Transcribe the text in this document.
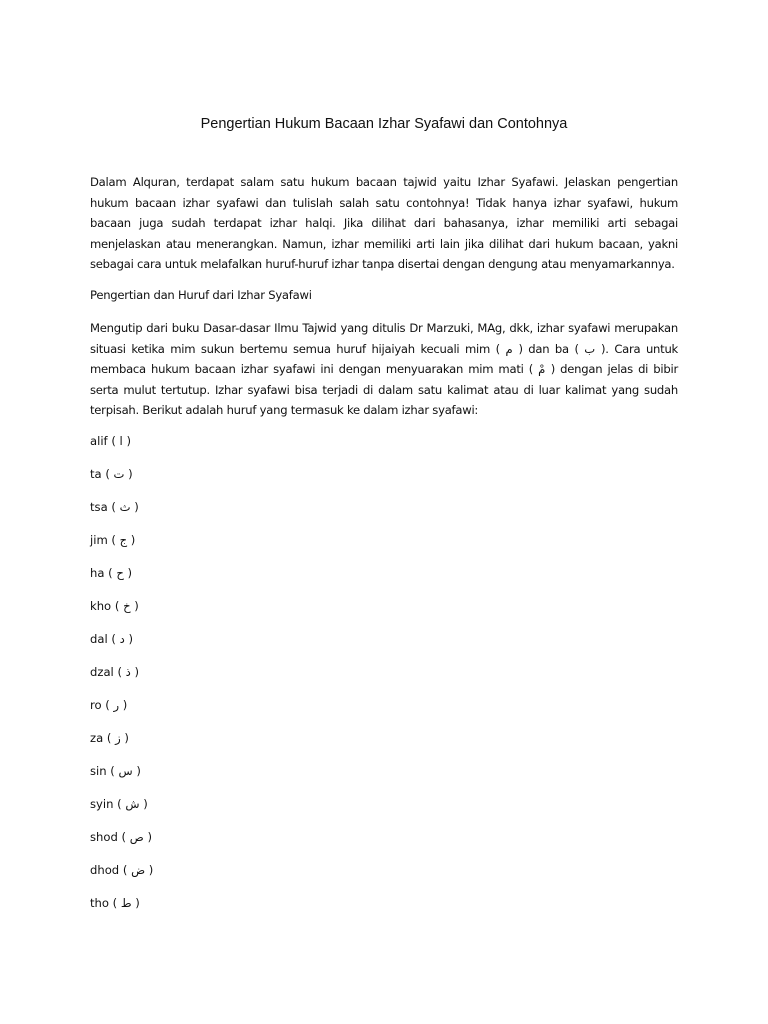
Pengertian Hukum Bacaan Izhar Syafawi dan Contohnya

Dalam Alquran, terdapat salam satu hukum bacaan tajwid yaitu Izhar Syafawi. Jelaskan pengertian hukum bacaan izhar syafawi dan tulislah salah satu contohnya! Tidak hanya izhar syafawi, hukum bacaan juga sudah terdapat izhar halqi. Jika dilihat dari bahasanya, izhar memiliki arti sebagai menjelaskan atau menerangkan. Namun, izhar memiliki arti lain jika dilihat dari hukum bacaan, yakni sebagai cara untuk melafalkan huruf-huruf izhar tanpa disertai dengan dengung atau menyamarkannya.

Pengertian dan Huruf dari Izhar Syafawi

Mengutip dari buku Dasar-dasar Ilmu Tajwid yang ditulis Dr Marzuki, MAg, dkk, izhar syafawi merupakan situasi ketika mim sukun bertemu semua huruf hijaiyah kecuali mim ( م ) dan ba ( ب ). Cara untuk membaca hukum bacaan izhar syafawi ini dengan menyuarakan mim mati ( مْ ) dengan jelas di bibir serta mulut tertutup. Izhar syafawi bisa terjadi di dalam satu kalimat atau di luar kalimat yang sudah terpisah. Berikut adalah huruf yang termasuk ke dalam izhar syafawi:

alif ( ا )
ta ( ت )
tsa ( ث )
jim ( ج )
ha ( ح )
kho ( خ )
dal ( د )
dzal ( ذ )
ro ( ر )
za ( ز )
sin ( س )
syin ( ش )
shod ( ص )
dhod ( ض )
tho ( ط )
